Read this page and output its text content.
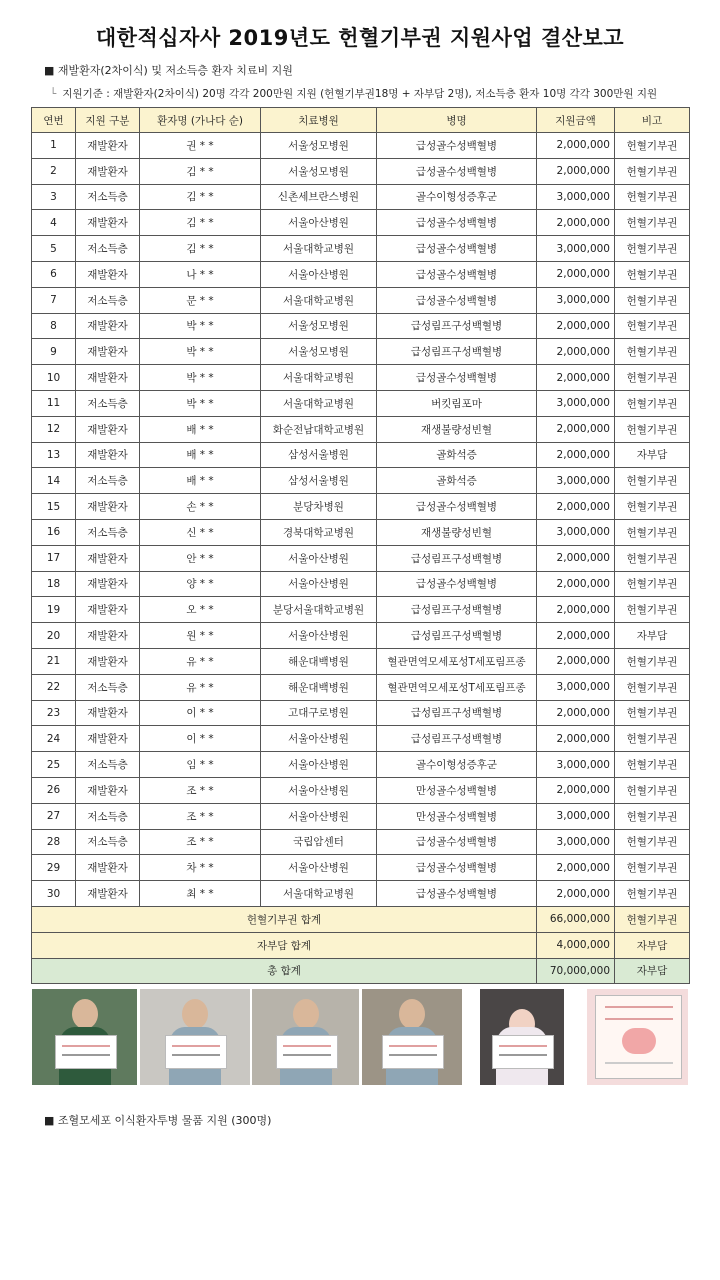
대한적십자사 2019년도 헌혈기부권 지원사업 결산보고
■ 재발환자(2차이식) 및 저소득층 환자 치료비 지원
└ 지원기준 : 재발환자(2차이식) 20명 각각 200만원 지원 (헌혈기부권18명 + 자부담 2명), 저소득층 환자 10명 각각 300만원 지원
연번	지원 구분	환자명 (가나다 순)	치료병원	병명	지원금액	비고
1	재발환자	권 * *	서울성모병원	급성골수성백혈병	2,000,000	헌혈기부권
2	재발환자	김 * *	서울성모병원	급성골수성백혈병	2,000,000	헌혈기부권
3	저소득층	김 * *	신촌세브란스병원	골수이형성증후군	3,000,000	헌혈기부권
4	재발환자	김 * *	서울아산병원	급성골수성백혈병	2,000,000	헌혈기부권
5	저소득층	김 * *	서울대학교병원	급성골수성백혈병	3,000,000	헌혈기부권
6	재발환자	나 * *	서울아산병원	급성골수성백혈병	2,000,000	헌혈기부권
7	저소득층	문 * *	서울대학교병원	급성골수성백혈병	3,000,000	헌혈기부권
8	재발환자	박 * *	서울성모병원	급성림프구성백혈병	2,000,000	헌혈기부권
9	재발환자	박 * *	서울성모병원	급성림프구성백혈병	2,000,000	헌혈기부권
10	재발환자	박 * *	서울대학교병원	급성골수성백혈병	2,000,000	헌혈기부권
11	저소득층	박 * *	서울대학교병원	버킷림포마	3,000,000	헌혈기부권
12	재발환자	배 * *	화순전남대학교병원	재생불량성빈혈	2,000,000	헌혈기부권
13	재발환자	배 * *	삼성서울병원	골화석증	2,000,000	자부담
14	저소득층	배 * *	삼성서울병원	골화석증	3,000,000	헌혈기부권
15	재발환자	손 * *	분당차병원	급성골수성백혈병	2,000,000	헌혈기부권
16	저소득층	신 * *	경북대학교병원	재생불량성빈혈	3,000,000	헌혈기부권
17	재발환자	안 * *	서울아산병원	급성림프구성백혈병	2,000,000	헌혈기부권
18	재발환자	양 * *	서울아산병원	급성골수성백혈병	2,000,000	헌혈기부권
19	재발환자	오 * *	분당서울대학교병원	급성림프구성백혈병	2,000,000	헌혈기부권
20	재발환자	원 * *	서울아산병원	급성림프구성백혈병	2,000,000	자부담
21	재발환자	유 * *	해운대백병원	혈관면역모세포성T세포림프종	2,000,000	헌혈기부권
22	저소득층	유 * *	해운대백병원	혈관면역모세포성T세포림프종	3,000,000	헌혈기부권
23	재발환자	이 * *	고대구로병원	급성림프구성백혈병	2,000,000	헌혈기부권
24	재발환자	이 * *	서울아산병원	급성림프구성백혈병	2,000,000	헌혈기부권
25	저소득층	임 * *	서울아산병원	골수이형성증후군	3,000,000	헌혈기부권
26	재발환자	조 * *	서울아산병원	만성골수성백혈병	2,000,000	헌혈기부권
27	저소득층	조 * *	서울아산병원	만성골수성백혈병	3,000,000	헌혈기부권
28	저소득층	조 * *	국립암센터	급성골수성백혈병	3,000,000	헌혈기부권
29	재발환자	차 * *	서울아산병원	급성골수성백혈병	2,000,000	헌혈기부권
30	재발환자	최 * *	서울대학교병원	급성골수성백혈병	2,000,000	헌혈기부권
헌혈기부권 합계					66,000,000	헌혈기부권
자부담 합계					4,000,000	자부담
총 합계					70,000,000	자부담
■ 조혈모세포 이식환자투병 물품 지원 (300명)
